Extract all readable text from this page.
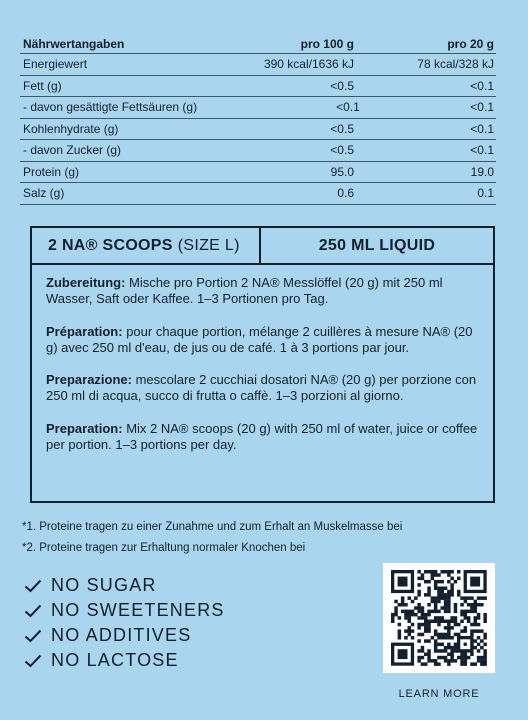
Nährwertangaben	pro 100 g	pro 20 g
Energiewert	390 kcal/1636 kJ	78 kcal/328 kJ
Fett (g)	<0.5	<0.1
- davon gesättigte Fettsäuren (g)	<0.1	<0.1
Kohlenhydrate (g)	<0.5	<0.1
- davon Zucker (g)	<0.5	<0.1
Protein (g)	95.0	19.0
Salz (g)	0.6	0.1
2 NA® SCOOPS (SIZE L)	250 ML LIQUID

Zubereitung: Mische pro Portion 2 NA® Messlöffel (20 g) mit 250 ml Wasser, Saft oder Kaffee. 1–3 Portionen pro Tag.

Préparation: pour chaque portion, mélange 2 cuillères à mesure NA® (20 g) avec 250 ml d'eau, de jus ou de café. 1 à 3 portions par jour.

Preparazione: mescolare 2 cucchiai dosatori NA® (20 g) per porzione con 250 ml di acqua, succo di frutta o caffè. 1–3 porzioni al giorno.

Preparation: Mix 2 NA® scoops (20 g) with 250 ml of water, juice or coffee per portion. 1–3 portions per day.

*1. Proteine tragen zu einer Zunahme und zum Erhalt an Muskelmasse bei
*2. Proteine tragen zur Erhaltung normaler Knochen bei
NO SUGAR
NO SWEETENERS
NO ADDITIVES
NO LACTOSE
LEARN MORE
